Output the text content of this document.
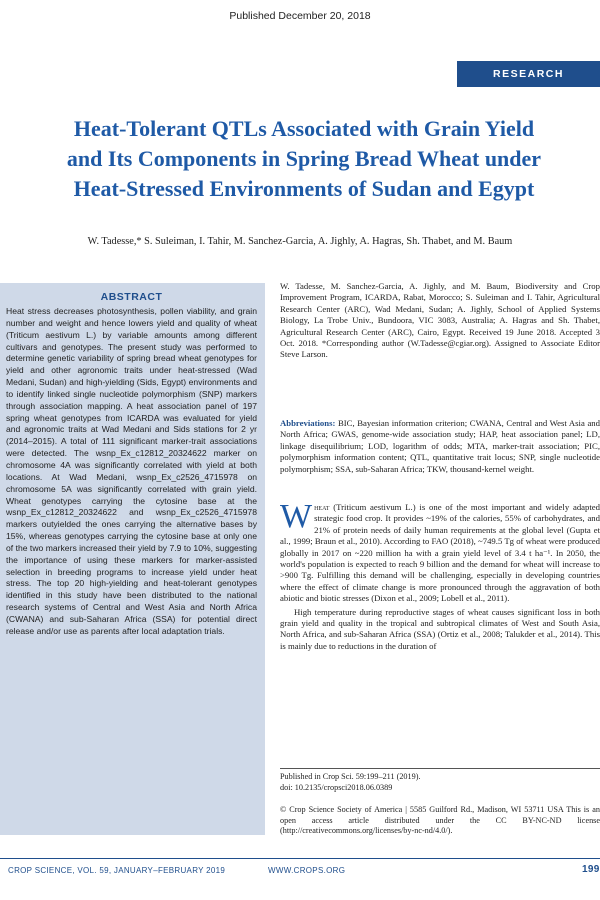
Published December 20, 2018
RESEARCH
Heat-Tolerant QTLs Associated with Grain Yield
and Its Components in Spring Bread Wheat under
Heat-Stressed Environments of Sudan and Egypt
W. Tadesse,* S. Suleiman, I. Tahir, M. Sanchez-Garcia, A. Jighly, A. Hagras, Sh. Thabet, and M. Baum
ABSTRACT

Heat stress decreases photosynthesis, pollen viability, and grain number and weight and hence lowers yield and quality of wheat (Triticum aestivum L.) by variable amounts among different cultivars and genotypes. The present study was performed to determine genetic variability of spring bread wheat genotypes for yield and other agronomic traits under heat-stressed (Wad Medani, Sudan) and high-yielding (Sids, Egypt) environments and to identify linked single nucleotide polymorphism (SNP) markers through association mapping. A heat association panel of 197 spring wheat genotypes from ICARDA was evaluated for yield and agronomic traits at Wad Medani and Sids stations for 2 yr (2014–2015). A total of 111 significant marker-trait associations were detected. The wsnp_Ex_c12812_20324622 marker on chromosome 4A was significantly correlated with yield at both locations. At Wad Medani, wsnp_Ex_c2526_4715978 on chromosome 5A was significantly correlated with grain yield. Wheat genotypes carrying the cytosine base at the wsnp_Ex_c12812_20324622 and wsnp_Ex_c2526_4715978 markers outyielded the ones carrying the alternative bases by 15%, whereas genotypes carrying the cytosine base at only one of the two markers increased their yield by 7.9 to 10%, suggesting the importance of using these markers for marker-assisted selection in breeding programs to increase yield under heat stress. The top 20 high-yielding and heat-tolerant genotypes identified in this study have been distributed to the national research systems of Central and West Asia and North Africa (CWANA) and sub-Saharan Africa (SSA) for potential direct release and/or use as parents after local adaptation trials.

W. Tadesse, M. Sanchez-Garcia, A. Jighly, and M. Baum, Biodiversity and Crop Improvement Program, ICARDA, Rabat, Morocco; S. Suleiman and I. Tahir, Agricultural Research Center (ARC), Wad Medani, Sudan; A. Jighly, School of Applied Systems Biology, La Trobe Univ., Bundoora, VIC 3083, Australia; A. Hagras and Sh. Thabet, Agricultural Research Center (ARC), Cairo, Egypt. Received 19 June 2018. Accepted 3 Oct. 2018. *Corresponding author (W.Tadesse@cgiar.org). Assigned to Associate Editor Steve Larson.
Abbreviations: BIC, Bayesian information criterion; CWANA, Central and West Asia and North Africa; GWAS, genome-wide association study; HAP, heat association panel; LD, linkage disequilibrium; LOD, logarithm of odds; MTA, marker-trait association; PIC, polymorphism information content; QTL, quantitative trait locus; SNP, single nucleotide polymorphism; SSA, sub-Saharan Africa; TKW, thousand-kernel weight.

Wheat (Triticum aestivum L.) is one of the most important and widely adapted strategic food crop. It provides ~19% of the calories, 55% of carbohydrates, and 21% of protein needs of daily human requirements at the global level (Gupta et al., 1999; Braun et al., 2010). According to FAO (2018), ~749.5 Tg of wheat were produced globally in 2017 on ~220 million ha with a grain yield level of 3.4 t ha⁻¹. In 2050, the world's population is expected to reach 9 billion and the demand for wheat will increase to >900 Tg. Fulfilling this demand will be challenging, especially in developing countries where the effect of climate change is more pronounced through the aggravation of both abiotic and biotic stresses (Dixon et al., 2009; Lobell et al., 2011).

High temperature during reproductive stages of wheat causes significant loss in both grain yield and quality in the tropical and subtropical climates of West and South Asia, North Africa, and sub-Saharan Africa (SSA) (Ortiz et al., 2008; Talukder et al., 2014). This is mainly due to reductions in the duration of

Published in Crop Sci. 59:199–211 (2019).
doi: 10.2135/cropsci2018.06.0389
© Crop Science Society of America | 5585 Guilford Rd., Madison, WI 53711 USA This is an open access article distributed under the CC BY-NC-ND license (http://creativecommons.org/licenses/by-nc-nd/4.0/).
CROP SCIENCE, VOL. 59, JANUARY–FEBRUARY 2019	WWW.CROPS.ORG	199
